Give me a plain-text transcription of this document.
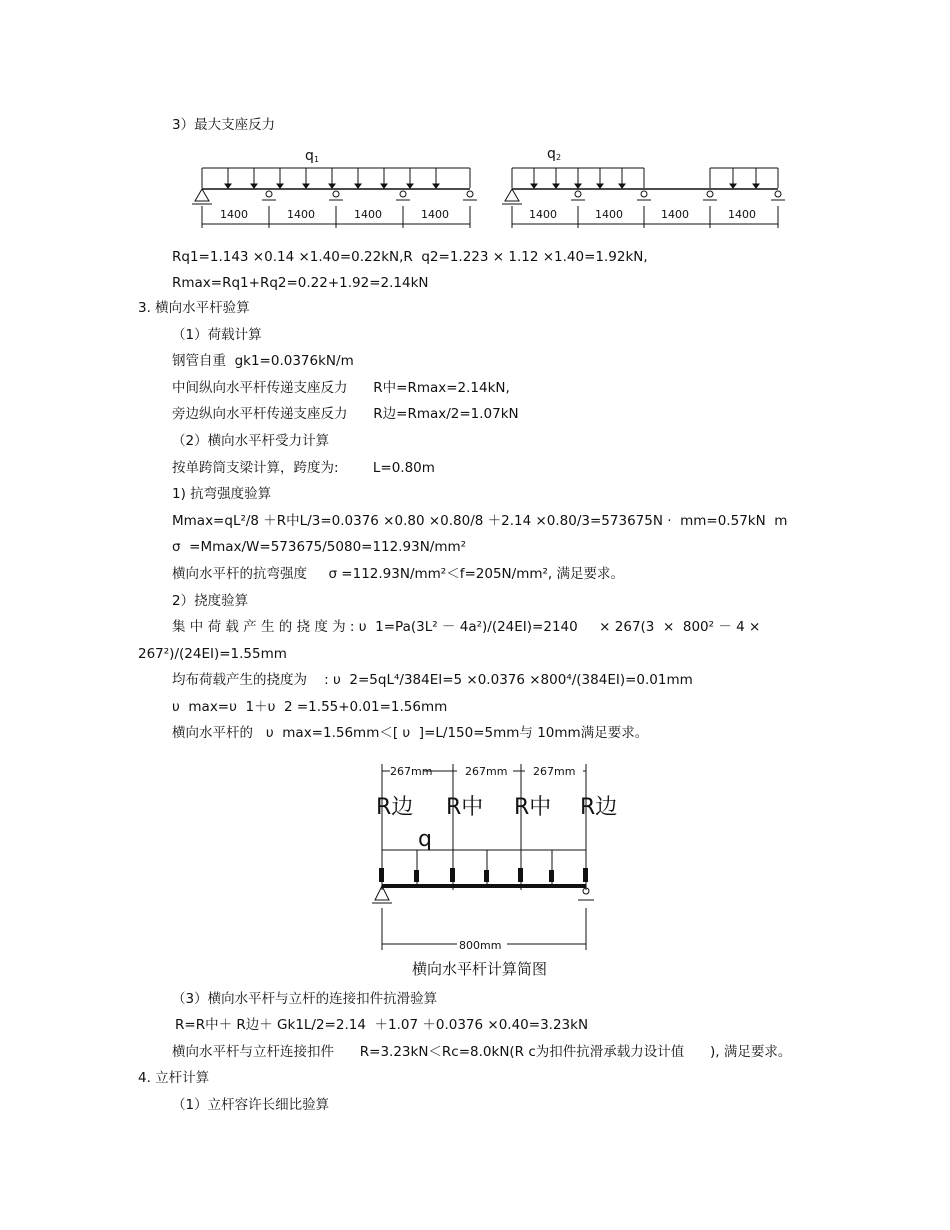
3）最大支座反力
q 1
1400	1400	1400	1400
q 2
1400	1400	1400	1400
Rq1=1.143 ×0.14 ×1.40=0.22kN,R  q2=1.223 × 1.12 ×1.40=1.92kN,
Rmax=Rq1+Rq2=0.22+1.92=2.14kN
3. 横向水平杆验算
（1）荷载计算
钢管自重  gk1=0.0376kN/m
中间纵向水平杆传递支座反力      R中=Rmax=2.14kN,
旁边纵向水平杆传递支座反力      R边=Rmax/2=1.07kN
（2）横向水平杆受力计算
按单跨筒支梁计算，跨度为:        L=0.80m
1) 抗弯强度验算
Mmax=qL²/8 ＋R中L/3=0.0376 ×0.80 ×0.80/8 ＋2.14 ×0.80/3=573675N ·  mm=0.57kN  m
σ  =Mmax/W=573675/5080=112.93N/mm²
横向水平杆的抗弯强度     σ =112.93N/mm²＜f=205N/mm², 满足要求。
2）挠度验算
集 中 荷 载 产 生 的 挠 度 为 : υ  1=Pa(3L² － 4a²)/(24EI)=2140     × 267(3  ×  800² － 4 ×
267²)/(24EI)=1.55mm
均布荷载产生的挠度为    : υ  2=5qL⁴/384EI=5 ×0.0376 ×800⁴/(384EI)=0.01mm
υ  max=υ  1＋υ  2 =1.55+0.01=1.56mm
横向水平杆的   υ  max=1.56mm＜[ υ  ]=L/150=5mm与 10mm满足要求。
267mm	267mm 267mm
R边 R中 R中 R边
q
800mm
横向水平杆计算简图
（3）横向水平杆与立杆的连接扣件抗滑验算
R=R中＋ R边＋ Gk1L/2=2.14  ＋1.07 ＋0.0376 ×0.40=3.23kN
横向水平杆与立杆连接扣件      R=3.23kN＜Rc=8.0kN(R c为扣件抗滑承载力设计值      ), 满足要求。
4. 立杆计算
（1）立杆容许长细比验算
